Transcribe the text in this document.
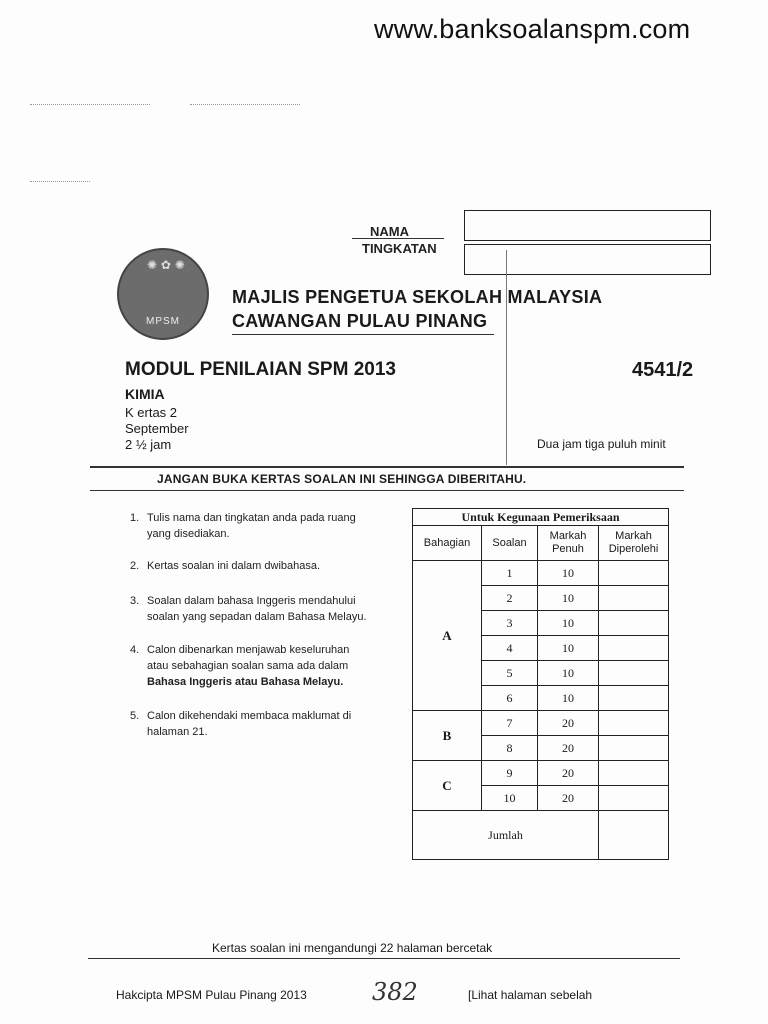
www.banksoalanspm.com
NAMA
TINGKATAN
✺ ✿ ✺
MPSM
MAJLIS PENGETUA SEKOLAH MALAYSIA
CAWANGAN PULAU PINANG
MODUL PENILAIAN SPM 2013	4541/2
KIMIA
K ertas 2
September
2 ½ jam	Dua jam tiga puluh minit
JANGAN BUKA KERTAS SOALAN INI SEHINGGA DIBERITAHU.
1. Tulis nama dan tingkatan anda pada ruang
yang disediakan.
2. Kertas soalan ini dalam dwibahasa.
3. Soalan dalam bahasa Inggeris mendahului
soalan yang sepadan dalam Bahasa Melayu.
4. Calon dibenarkan menjawab keseluruhan
atau sebahagian soalan sama ada dalam
Bahasa Inggeris atau Bahasa Melayu.
5. Calon dikehendaki membaca maklumat di
halaman 21.
Untuk Kegunaan Pemeriksaan			
Bahagian	Soalan	Markah Penuh	Markah Diperolehi
A	1	10	
	2	10	
	3	10	
	4	10	
	5	10	
	6	10	
B	7	20	
	8	20	
C	9	20	
	10	20	
Jumlah			
Kertas soalan ini mengandungi 22 halaman bercetak
Hakcipta MPSM Pulau Pinang 2013	382	[Lihat halaman sebelah
